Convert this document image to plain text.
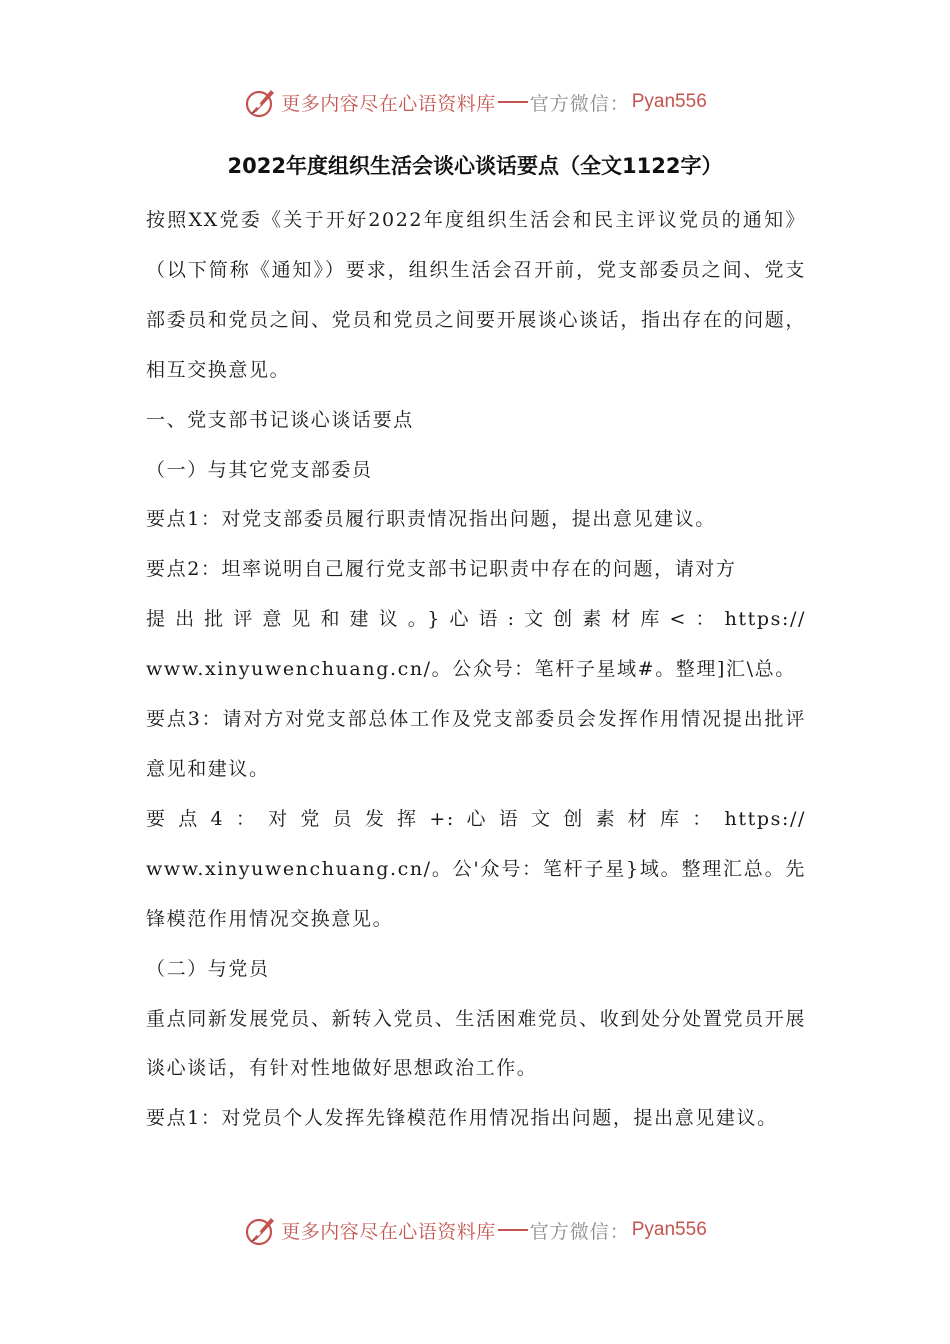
更多内容尽在心语资料库 官方微信： Pyan556
2022年度组织生活会谈心谈话要点（全文1122字）

按照XX党委《关于开好2022年度组织生活会和民主评议党员的通知》（以下简称《通知》）要求，组织生活会召开前，党支部委员之间、党支部委员和党员之间、党员和党员之间要开展谈心谈话，指出存在的问题，相互交换意见。

一、党支部书记谈心谈话要点

（一）与其它党支部委员

要点1：对党支部委员履行职责情况指出问题，提出意见建议。

要点2：坦率说明自己履行党支部书记职责中存在的问题，请对方

提出批评意见和建议。}心语:文创素材库<：https://

www.xinyuwenchuang.cn/。公众号：笔杆子星域#。整理]汇\总。

要点3：请对方对党支部总体工作及党支部委员会发挥作用情况提出批评意见和建议。

要点4：对党员发挥+:心语文创素材库：https://

www.xinyuwenchuang.cn/。公'众号：笔杆子星}域。整理汇总。先锋模范作用情况交换意见。

（二）与党员

重点同新发展党员、新转入党员、生活困难党员、收到处分处置党员开展谈心谈话，有针对性地做好思想政治工作。

要点1：对党员个人发挥先锋模范作用情况指出问题，提出意见建议。

更多内容尽在心语资料库 官方微信： Pyan556
